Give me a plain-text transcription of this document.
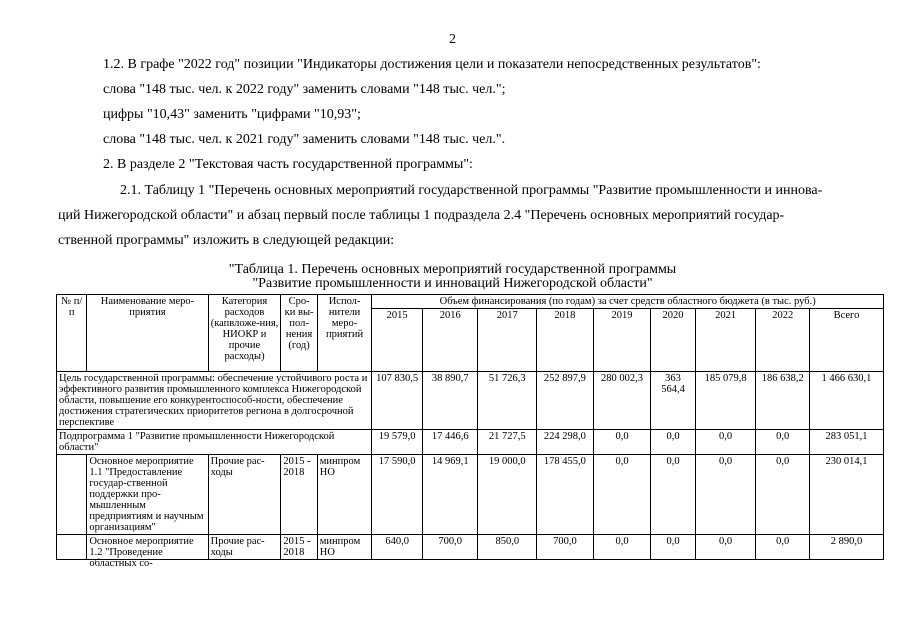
2
1.2. В графе "2022 год" позиции "Индикаторы достижения цели и показатели непосредственных результатов":
слова "148 тыс. чел. к 2022 году" заменить словами "148 тыс. чел.";
цифры "10,43" заменить "цифрами "10,93";
слова "148 тыс. чел. к 2021 году" заменить словами "148 тыс. чел.".
2. В разделе 2 "Текстовая часть государственной программы":
2.1. Таблицу 1 "Перечень основных мероприятий государственной программы "Развитие промышленности и иннова-
ций Нижегородской области" и абзац первый после таблицы 1 подраздела 2.4 "Перечень основных мероприятий государ-
ственной программы" изложить в следующей редакции:
"Таблица 1. Перечень основных мероприятий государственной программы
"Развитие промышленности и инноваций Нижегородской области"
№ п/п	Наименование меро-приятия	Категория расходов (капвложе-ния, НИОКР и прочие расходы)	Сро-ки вы-пол-нения (год)	Испол-нители меро-приятий	Объем финансирования (по годам) за счет средств областного бюджета (в тыс. руб.)								
					2015	2016	2017	2018	2019	2020	2021	2022	Всего
Цель государственной программы: обеспечение устойчивого роста и эффективного развития промышленного комплекса Нижегородской области, повышение его конкурентоспособ-ности, обеспечение достижения стратегических приоритетов региона в долгосрочной перспективе					107 830,5	38 890,7	51 726,3	252 897,9	280 002,3	363 564,4	185 079,8	186 638,2	1 466 630,1
Подпрограмма 1 "Развитие промышленности Нижегородской области"					19 579,0	17 446,6	21 727,5	224 298,0	0,0	0,0	0,0	0,0	283 051,1
	Основное мероприятие 1.1 "Предоставление государ-ственной поддержки про-мышленным предприятиям и научным организациям"	Прочие рас-ходы	2015 - 2018	минпром НО	17 590,0	14 969,1	19 000,0	178 455,0	0,0	0,0	0,0	0,0	230 014,1

	Основное мероприятие 1.2 "Проведение областных со-	Прочие рас-ходы	2015 - 2018	минпром НО	640,0	700,0	850,0	700,0	0,0	0,0	0,0	0,0	2 890,0
